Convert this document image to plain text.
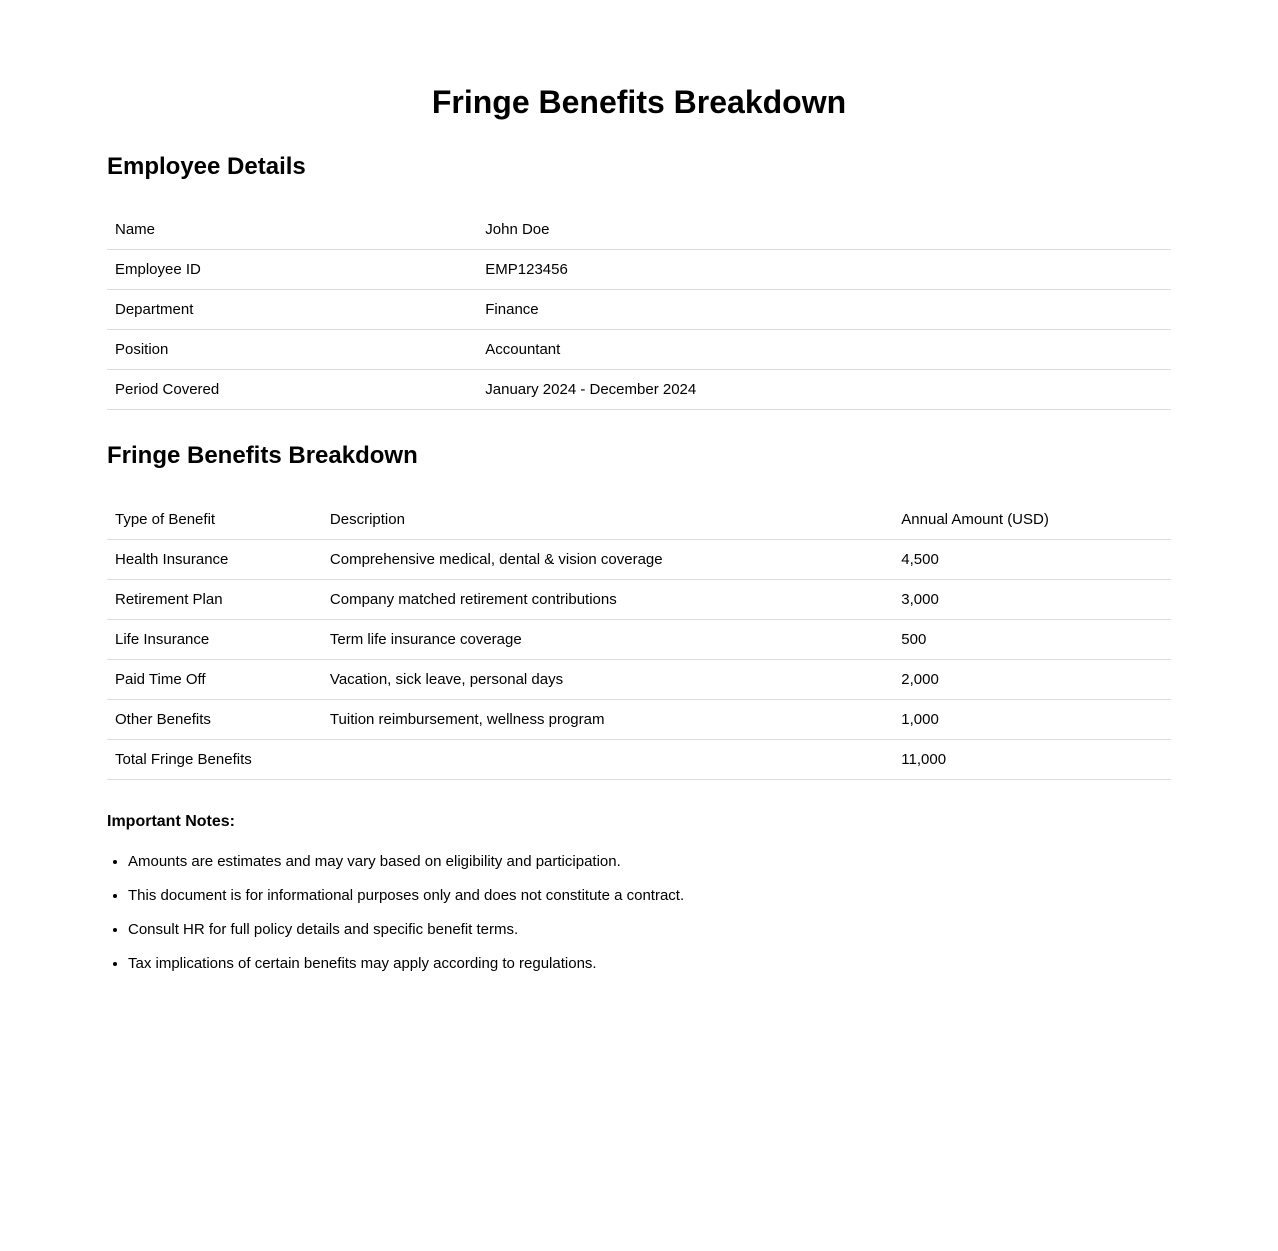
Fringe Benefits Breakdown
Employee Details
Name	John Doe
Employee ID	EMP123456
Department	Finance
Position	Accountant
Period Covered	January 2024 - December 2024
Fringe Benefits Breakdown
Type of Benefit	Description	Annual Amount (USD)
Health Insurance	Comprehensive medical, dental & vision coverage	4,500
Retirement Plan	Company matched retirement contributions	3,000
Life Insurance	Term life insurance coverage	500
Paid Time Off	Vacation, sick leave, personal days	2,000
Other Benefits	Tuition reimbursement, wellness program	1,000
Total Fringe Benefits		11,000

Important Notes:

• Amounts are estimates and may vary based on eligibility and participation.
• This document is for informational purposes only and does not constitute a contract.
• Consult HR for full policy details and specific benefit terms.
• Tax implications of certain benefits may apply according to regulations.
